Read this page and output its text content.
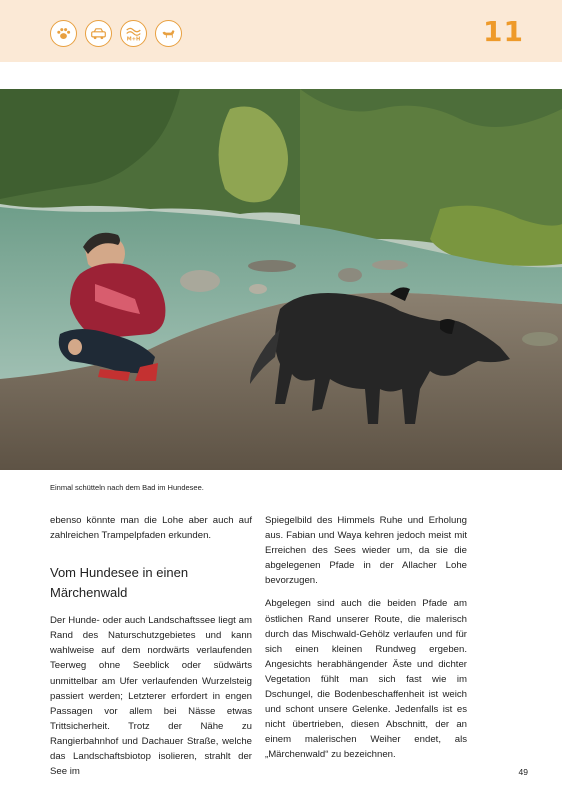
M+H	11
Einmal schütteln nach dem Bad im Hundesee.

ebenso könnte man die Lohe aber auch auf zahlreichen Trampelpfaden erkunden.

Vom Hundesee in einen Märchenwald

Der Hunde- oder auch Landschaftssee liegt am Rand des Naturschutzgebietes und kann wahlweise auf dem nordwärts verlaufenden Teerweg ohne Seeblick oder südwärts unmittelbar am Ufer verlaufenden Wurzelsteig passiert werden; Letzterer erfordert in engen Passagen vor allem bei Nässe etwas Trittsicherheit. Trotz der Nähe zu Rangierbahnhof und Dachauer Straße, welche das Landschaftsbiotop isolieren, strahlt der See im

Spiegelbild des Himmels Ruhe und Erholung aus. Fabian und Waya kehren jedoch meist mit Erreichen des Sees wieder um, da sie die abgelegenen Pfade in der Allacher Lohe bevorzugen.

Abgelegen sind auch die beiden Pfade am östlichen Rand unserer Route, die malerisch durch das Mischwald-Gehölz verlaufen und für sich einen kleinen Rundweg ergeben. Angesichts herabhängender Äste und dichter Vegetation fühlt man sich fast wie im Dschungel, die Bodenbeschaffenheit ist weich und schont unsere Gelenke. Jedenfalls ist es nicht übertrieben, diesen Abschnitt, der an einem malerischen Weiher endet, als „Märchenwald“ zu bezeichnen.

49
